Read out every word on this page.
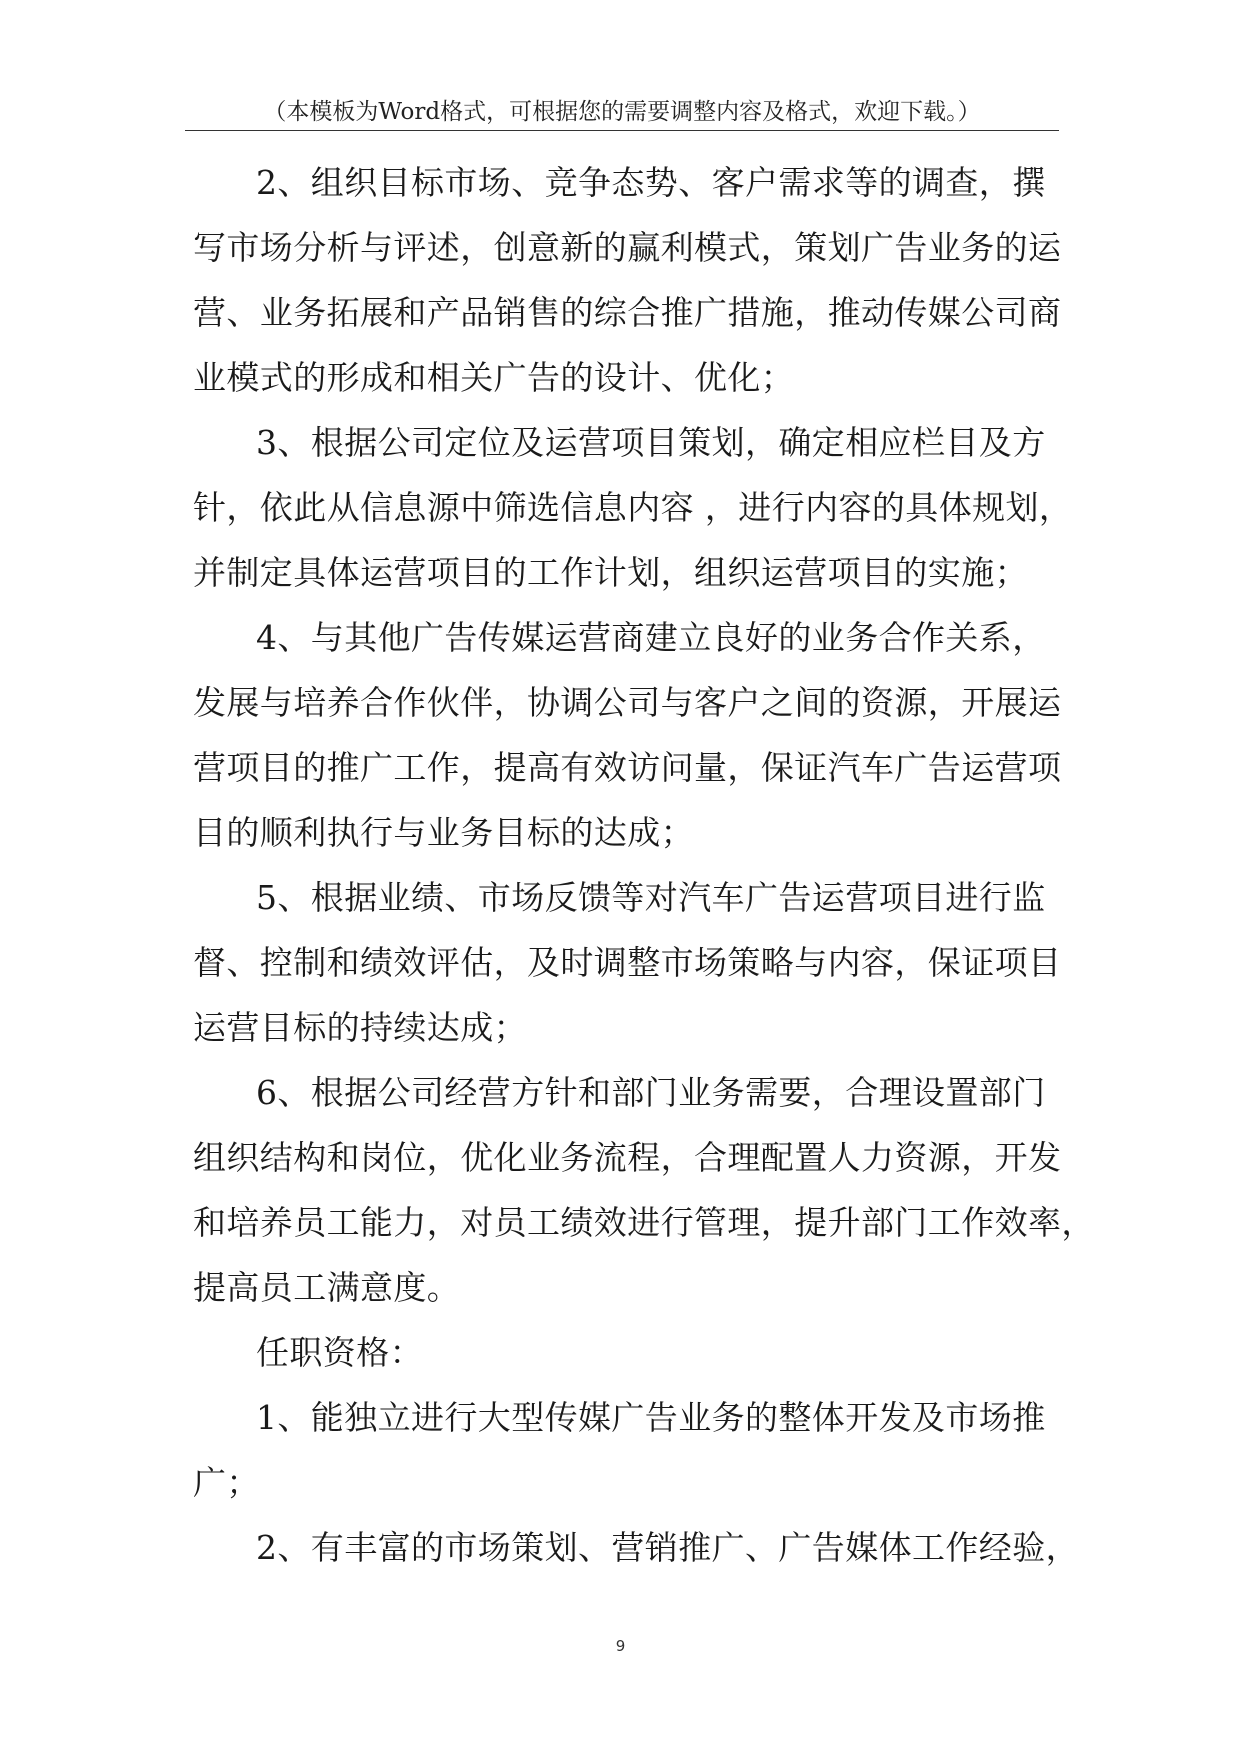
（本模板为Word格式，可根据您的需要调整内容及格式，欢迎下载。）
2、组织目标市场、竞争态势、客户需求等的调查，撰
写市场分析与评述，创意新的赢利模式，策划广告业务的运
营、业务拓展和产品销售的综合推广措施，推动传媒公司商
业模式的形成和相关广告的设计、优化；
3、根据公司定位及运营项目策划，确定相应栏目及方
针，依此从信息源中筛选信息内容 ，进行内容的具体规划，
并制定具体运营项目的工作计划，组织运营项目的实施；
4、与其他广告传媒运营商建立良好的业务合作关系，
发展与培养合作伙伴，协调公司与客户之间的资源，开展运
营项目的推广工作，提高有效访问量，保证汽车广告运营项
目的顺利执行与业务目标的达成；
5、根据业绩、市场反馈等对汽车广告运营项目进行监
督、控制和绩效评估，及时调整市场策略与内容，保证项目
运营目标的持续达成；
6、根据公司经营方针和部门业务需要，合理设置部门
组织结构和岗位，优化业务流程，合理配置人力资源，开发
和培养员工能力，对员工绩效进行管理，提升部门工作效率，
提高员工满意度。
任职资格：
1、能独立进行大型传媒广告业务的整体开发及市场推
广；
2、有丰富的市场策划、营销推广、广告媒体工作经验，
9
